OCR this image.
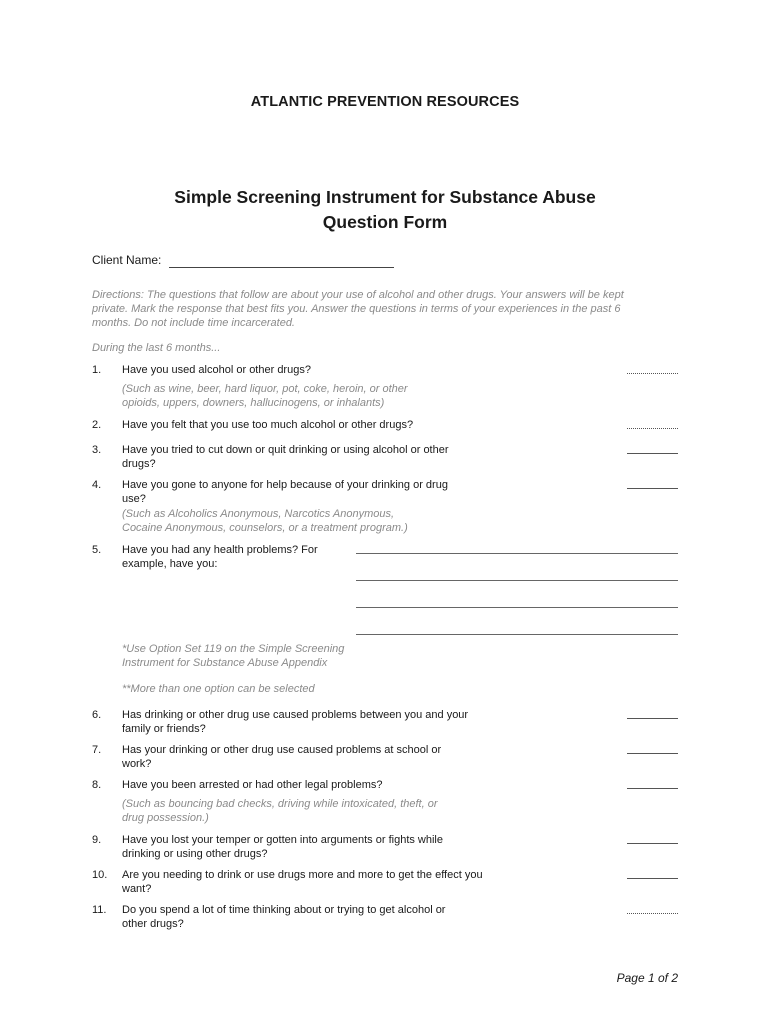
ATLANTIC PREVENTION RESOURCES
Simple Screening Instrument for Substance Abuse
Question Form
Client Name:
Directions: The questions that follow are about your use of alcohol and other drugs. Your answers will be kept private. Mark the response that best fits you. Answer the questions in terms of your experiences in the past 6 months. Do not include time incarcerated.
During the last 6 months...
1. Have you used alcohol or other drugs?
(Such as wine, beer, hard liquor, pot, coke, heroin, or other opioids, uppers, downers, hallucinogens, or inhalants)
2. Have you felt that you use too much alcohol or other drugs?
3. Have you tried to cut down or quit drinking or using alcohol or other drugs?
4. Have you gone to anyone for help because of your drinking or drug use?
(Such as Alcoholics Anonymous, Narcotics Anonymous, Cocaine Anonymous, counselors, or a treatment program.)
5. Have you had any health problems? For example, have you:
*Use Option Set 119 on the Simple Screening Instrument for Substance Abuse Appendix
**More than one option can be selected
6. Has drinking or other drug use caused problems between you and your family or friends?
7. Has your drinking or other drug use caused problems at school or work?
8. Have you been arrested or had other legal problems?
(Such as bouncing bad checks, driving while intoxicated, theft, or drug possession.)
9. Have you lost your temper or gotten into arguments or fights while drinking or using other drugs?
10. Are you needing to drink or use drugs more and more to get the effect you want?
11. Do you spend a lot of time thinking about or trying to get alcohol or other drugs?
Page 1 of 2
